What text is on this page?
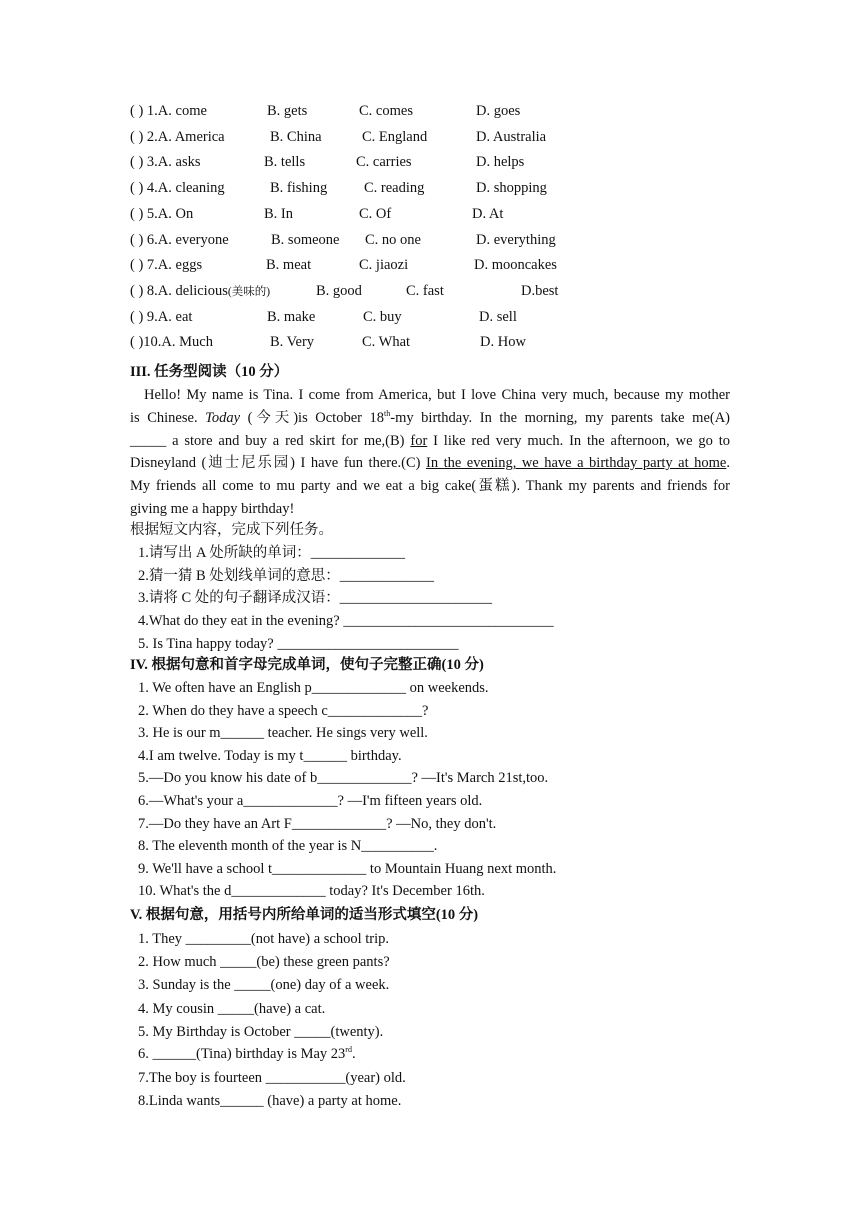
( ) 1.A. come	B. gets	C. comes	D. goes
( ) 2.A. America	B. China	C. England	D. Australia
( ) 3.A. asks	B. tells	C. carries	D. helps
( ) 4.A. cleaning	B. fishing	C. reading	D. shopping
( ) 5.A. On	B. In	C. Of	D. At
( ) 6.A. everyone	B. someone C. no one	D. everything
( ) 7.A. eggs	B. meat	C. jiaozi	D. mooncakes
( ) 8.A. delicious(美味的)	B. good	C. fast	D.best
( ) 9.A. eat	B. make	C. buy	D. sell
( )10.A. Much	B. Very	C. What	D. How
III. 任务型阅读（10 分）
Hello! My name is Tina. I come from America, but I love China very much, because my mother
is Chinese. Today (今天)is October 18th-my birthday. In the morning, my parents take me(A)
_____ a store and buy a red skirt for me,(B) for I like red very much. In the afternoon, we go to
Disneyland (迪士尼乐园) I have fun there.(C) In the evening, we have a birthday party at home.
My friends all come to mu party and we eat a big cake(蛋糕). Thank my parents and friends for
giving me a happy birthday!
根据短文内容，完成下列任务。
1.请写出 A 处所缺的单词：_____________
2.猜一猜 B 处划线单词的意思：_____________
3.请将 C 处的句子翻译成汉语：_____________________
4.What do they eat in the evening? _____________________________
5. Is Tina happy today? _________________________
IV. 根据句意和首字母完成单词，使句子完整正确(10 分)
1. We often have an English p_____________ on weekends.
2. When do they have a speech c_____________?
3. He is our m______ teacher. He sings very well.
4.I am twelve. Today is my t______ birthday.
5.—Do you know his date of b_____________? —It's March 21st,too.
6.—What's your a_____________? —I'm fifteen years old.
7.—Do they have an Art F_____________? —No, they don't.
8. The eleventh month of the year is N__________.
9. We'll have a school t_____________ to Mountain Huang next month.
10. What's the d_____________ today? It's December 16th.
V. 根据句意，用括号内所给单词的适当形式填空(10 分)
1. They _________(not have) a school trip.
2. How much _____(be) these green pants?
3. Sunday is the _____(one) day of a week.
4. My cousin _____(have) a cat.
5. My Birthday is October _____(twenty).
6. ______(Tina) birthday is May 23rd.
7.The boy is fourteen ___________(year) old.
8.Linda wants______ (have) a party at home.
